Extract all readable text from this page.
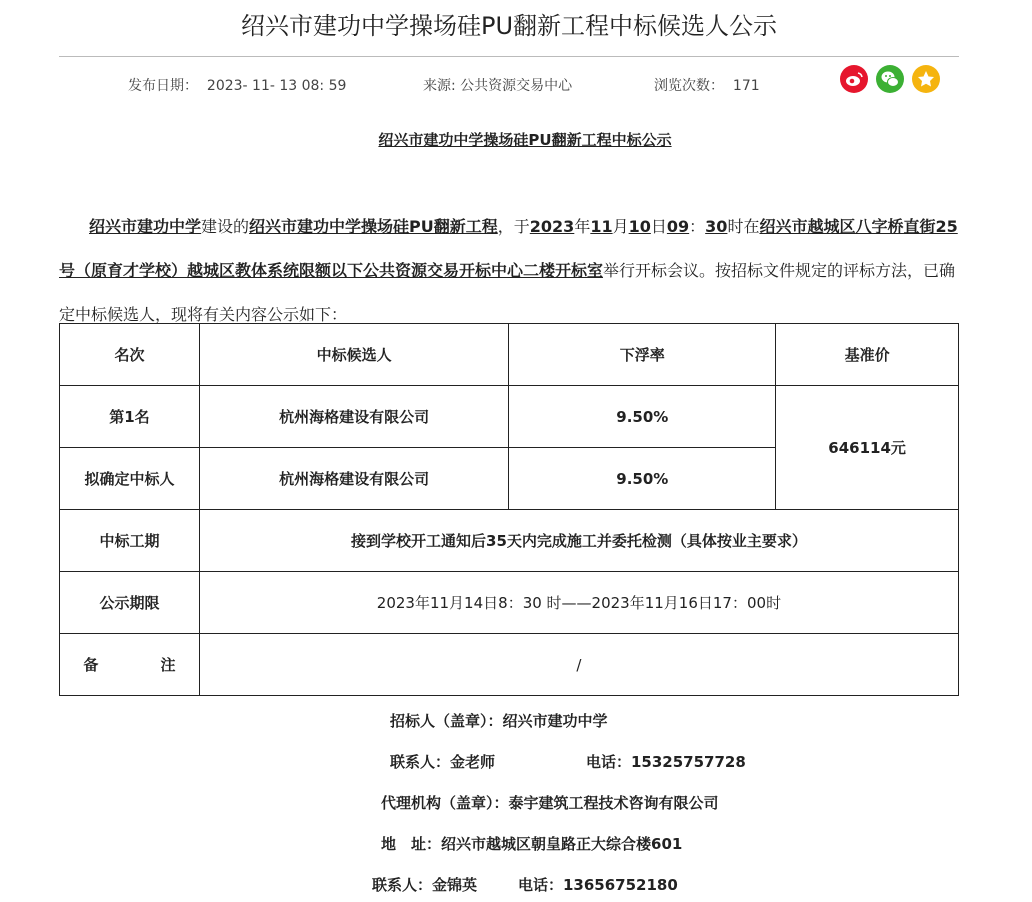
绍兴市建功中学操场硅PU翻新工程中标候选人公示
发布日期： 2023- 11- 13 08: 59	来源: 公共资源交易中心	浏览次数： 171
绍兴市建功中学操场硅PU翻新工程中标公示
绍兴市建功中学建设的绍兴市建功中学操场硅PU翻新工程，于2023年11月10日09：30时在绍兴市越城区八字桥直街25号（原育才学校）越城区教体系统限额以下公共资源交易开标中心二楼开标室举行开标会议。按招标文件规定的评标方法，已确定中标候选人，现将有关内容公示如下：
名次	中标候选人	下浮率	基准价
第1名	杭州海格建设有限公司	9.50%	646114元
拟确定中标人	杭州海格建设有限公司	9.50%	
中标工期	接到学校开工通知后35天内完成施工并委托检测（具体按业主要求）		
公示期限	2023年11月14日8：30 时——2023年11月16日17：00时		
备 注	/		
招标人（盖章）：绍兴市建功中学
联系人：金老师	电话：15325757728
代理机构（盖章）：泰宇建筑工程技术咨询有限公司
地　址：绍兴市越城区朝皇路正大综合楼601
联系人：金锦英	电话：13656752180
